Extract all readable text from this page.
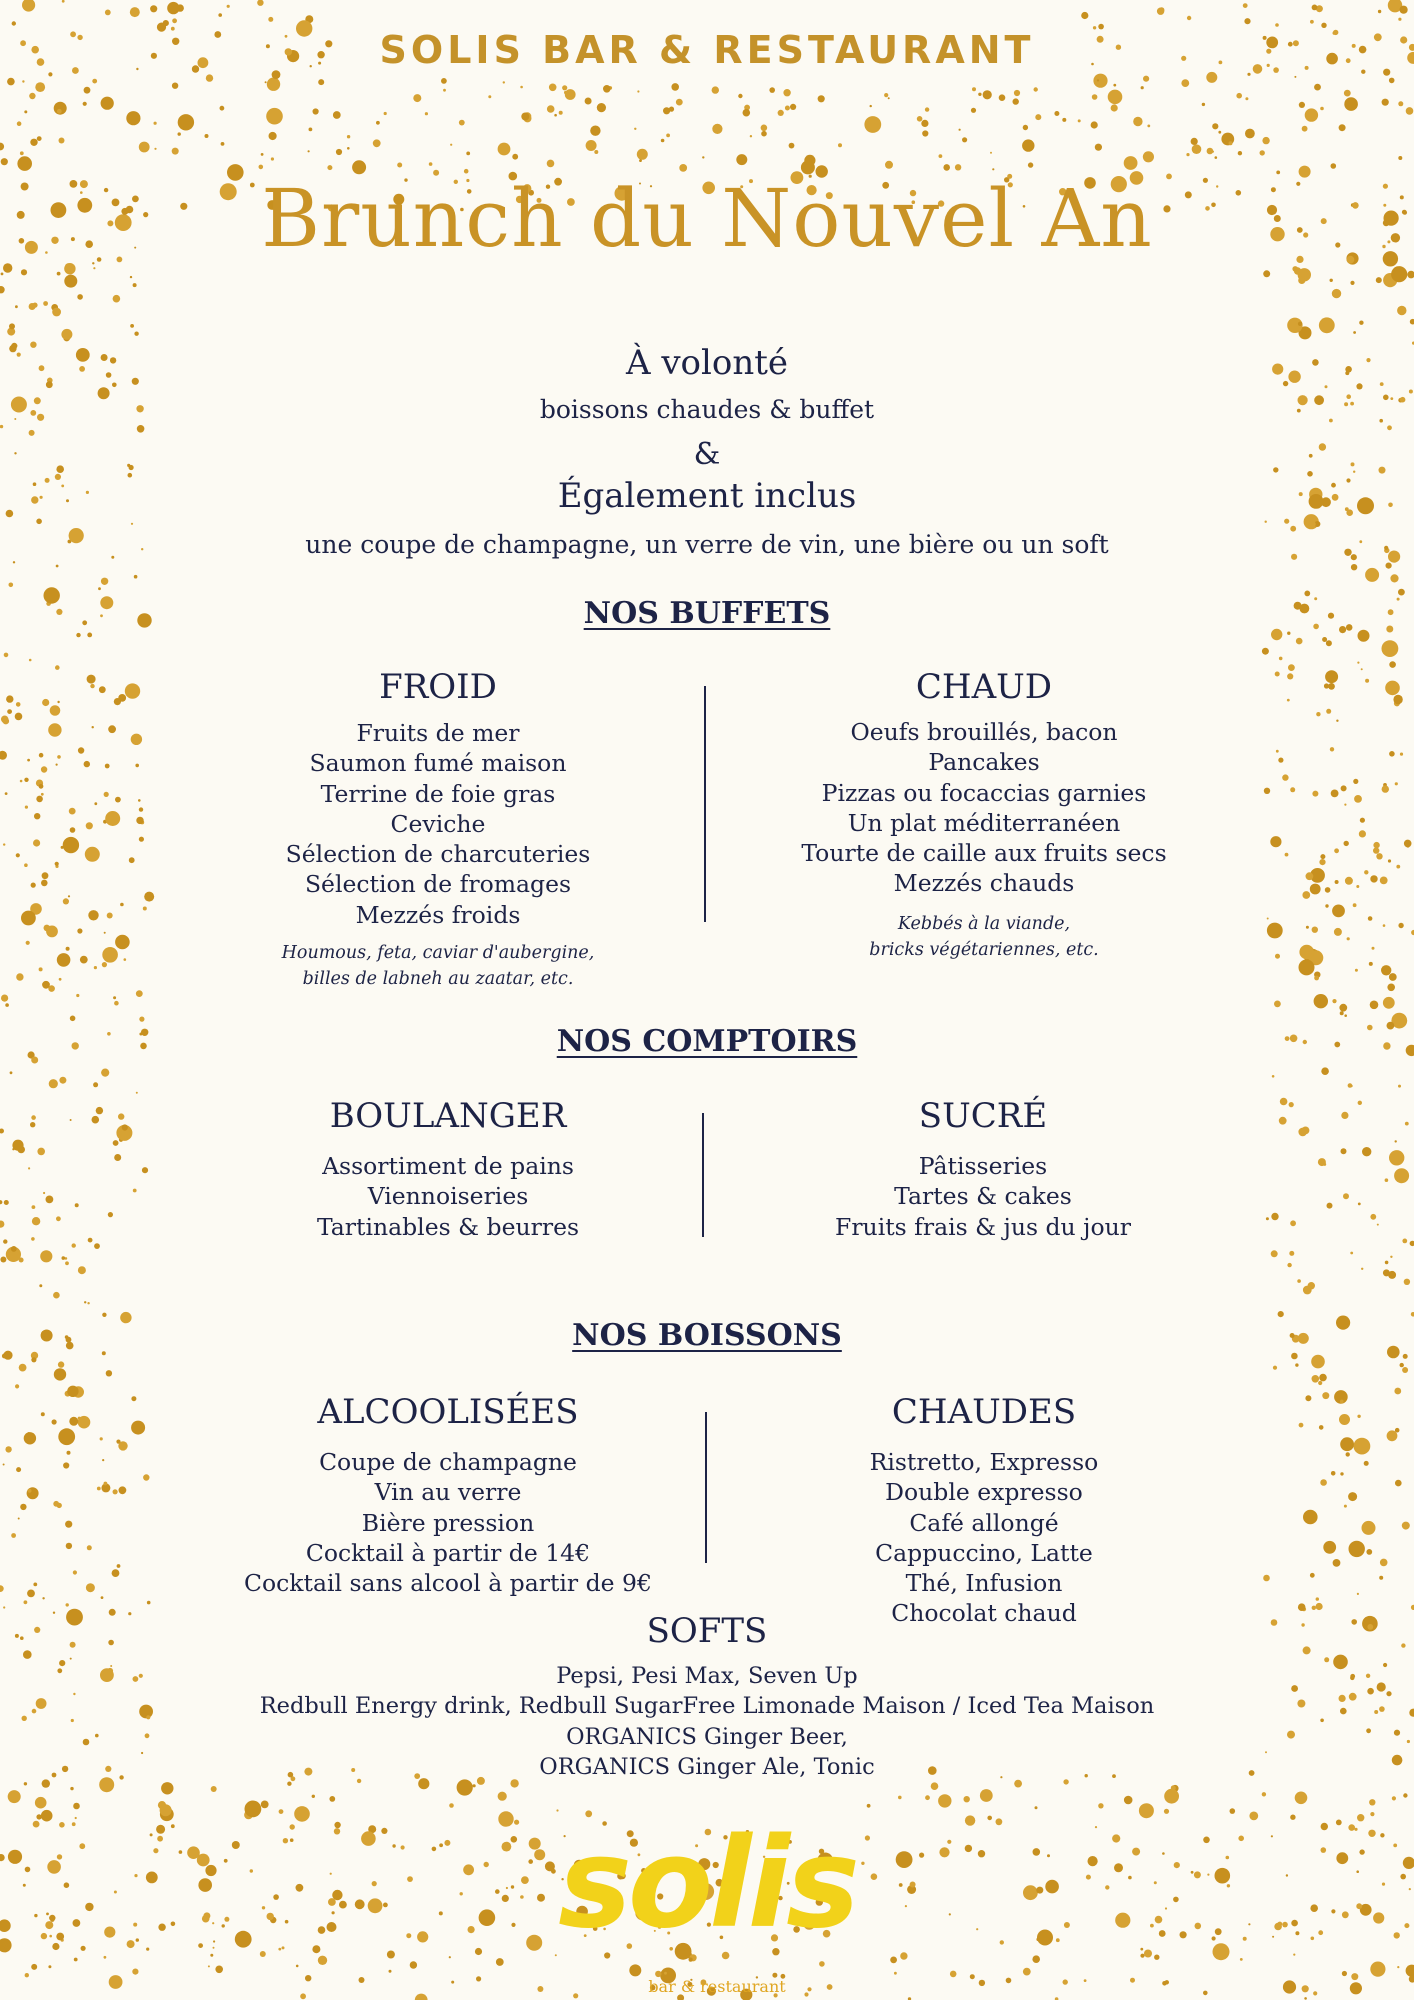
SOLIS BAR & RESTAURANT
Brunch du Nouvel An
À volonté
boissons chaudes & buffet
&
Également inclus
une coupe de champagne, un verre de vin, une bière ou un soft
NOS BUFFETS
FROID
Fruits de mer
Saumon fumé maison
Terrine de foie gras
Ceviche
Sélection de charcuteries
Sélection de fromages
Mezzés froids
Houmous, feta, caviar d'aubergine,
billes de labneh au zaatar, etc.
CHAUD
Oeufs brouillés, bacon
Pancakes
Pizzas ou focaccias garnies
Un plat méditerranéen
Tourte de caille aux fruits secs
Mezzés chauds
Kebbés à la viande,
bricks végétariennes, etc.
NOS COMPTOIRS
BOULANGER
Assortiment de pains
Viennoiseries
Tartinables & beurres
SUCRÉ
Pâtisseries
Tartes & cakes
Fruits frais & jus du jour
NOS BOISSONS
ALCOOLISÉES
Coupe de champagne
Vin au verre
Bière pression
Cocktail à partir de 14€
Cocktail sans alcool à partir de 9€
CHAUDES
Ristretto, Expresso
Double expresso
Café allongé
Cappuccino, Latte
Thé, Infusion
Chocolat chaud
SOFTS
Pepsi, Pesi Max, Seven Up
Redbull Energy drink, Redbull SugarFree Limonade Maison / Iced Tea Maison
ORGANICS Ginger Beer,
ORGANICS Ginger Ale, Tonic
solis
bar & restaurant
